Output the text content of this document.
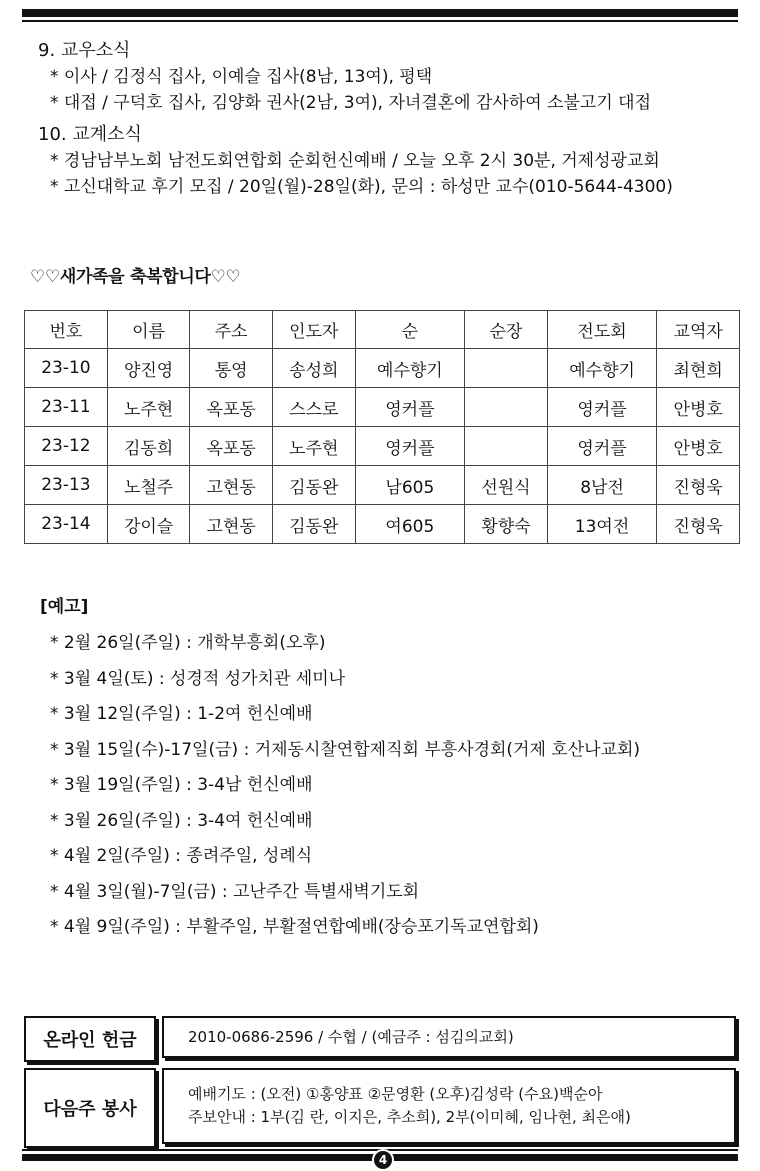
9. 교우소식
* 이사 / 김정식 집사, 이예슬 집사(8남, 13여), 평택
* 대접 / 구덕호 집사, 김양화 권사(2남, 3여), 자녀결혼에 감사하여 소불고기 대접
10. 교계소식
* 경남남부노회 남전도회연합회 순회헌신예배 / 오늘 오후 2시 30분, 거제성광교회
* 고신대학교 후기 모집 / 20일(월)-28일(화), 문의 : 하성만 교수(010-5644-4300)
♡♡새가족을 축복합니다♡♡
번호	이름	주소	인도자	순	순장	전도회	교역자
23-10	양진영	통영	송성희	예수향기		예수향기	최현희
23-11	노주현	옥포동	스스로	영커플		영커플	안병호
23-12	김동희	옥포동	노주현	영커플		영커플	안병호
23-13	노철주	고현동	김동완	남605	선원식	8남전	진형욱
23-14	강이슬	고현동	김동완	여605	황향숙	13여전	진형욱
[예고]
* 2월 26일(주일) : 개학부흥회(오후)
* 3월 4일(토) : 성경적 성가치관 세미나
* 3월 12일(주일) : 1-2여 헌신예배
* 3월 15일(수)-17일(금) : 거제동시찰연합제직회 부흥사경회(거제 호산나교회)
* 3월 19일(주일) : 3-4남 헌신예배
* 3월 26일(주일) : 3-4여 헌신예배
* 4월 2일(주일) : 종려주일, 성례식
* 4월 3일(월)-7일(금) : 고난주간 특별새벽기도회
* 4월 9일(주일) : 부활주일, 부활절연합예배(장승포기독교연합회)
온라인 헌금	2010-0686-2596 / 수협 / (예금주 : 섬김의교회)
다음주 봉사
예배기도 : (오전) ①홍양표 ②문영환 (오후)김성락 (수요)백순아
주보안내 : 1부(김 란, 이지은, 추소희), 2부(이미혜, 임나현, 최은애)
4
